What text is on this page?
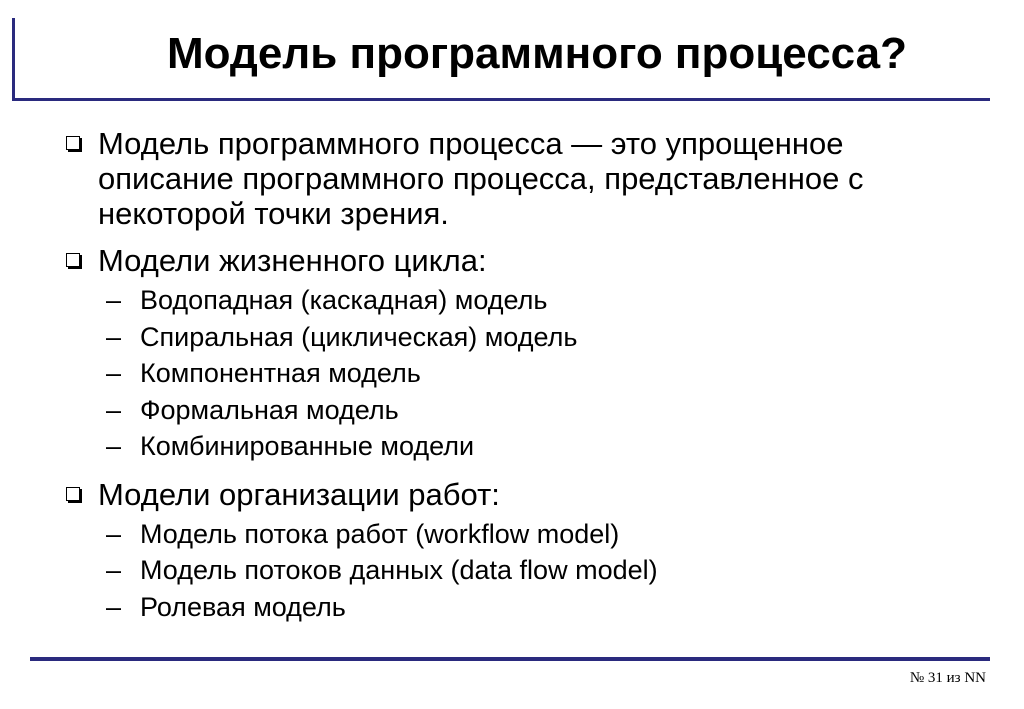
Модель программного процесса?
Модель программного процесса — это упрощенное описание программного процесса, представленное с некоторой точки зрения.
Модели жизненного цикла:
– Водопадная (каскадная) модель
– Спиральная (циклическая) модель
– Компонентная модель
– Формальная модель
– Комбинированные модели
Модели организации работ:
– Модель потока работ (workflow model)
– Модель потоков данных (data flow model)
– Ролевая модель
№ 31 из NN
